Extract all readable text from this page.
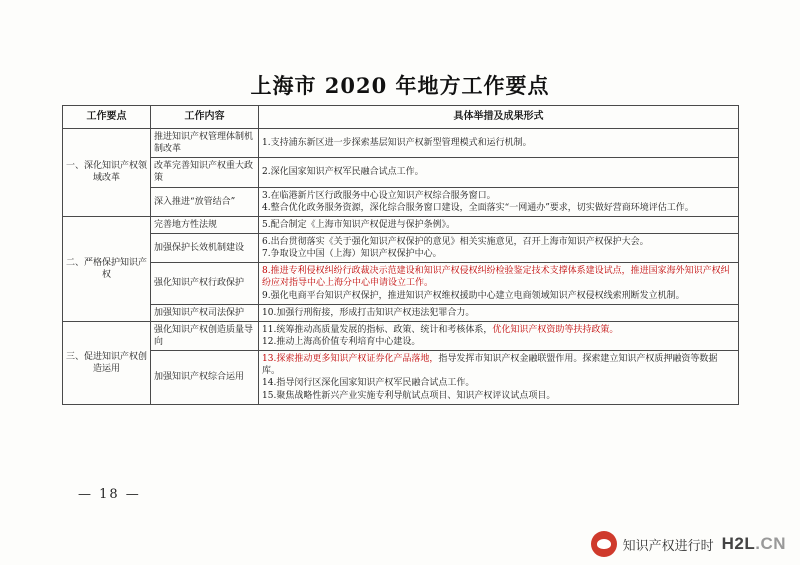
上海市 2020 年地方工作要点
工作要点	工作内容	具体举措及成果形式
一、深化知识产权领域改革	推进知识产权管理体制机制改革	1.支持浦东新区进一步探索基层知识产权新型管理模式和运行机制。

	改革完善知识产权重大政策	2.深化国家知识产权军民融合试点工作。

	深入推进“放管结合”	3.在临港新片区行政服务中心设立知识产权综合服务窗口。
4.整合优化政务服务资源，深化综合服务窗口建设，全面落实“一网通办”要求，切实做好营商环境评估工作。

二、严格保护知识产权	完善地方性法规	5.配合制定《上海市知识产权促进与保护条例》。

	加强保护长效机制建设	6.出台贯彻落实《关于强化知识产权保护的意见》相关实施意见，召开上海市知识产权保护大会。
7.争取设立中国（上海）知识产权保护中心。

	强化知识产权行政保护	8.推进专利侵权纠纷行政裁决示范建设和知识产权侵权纠纷检验鉴定技术支撑体系建设试点，推进国家海外知识产权纠纷应对指导中心上海分中心申请设立工作。
9.强化电商平台知识产权保护，推进知识产权维权援助中心建立电商领域知识产权侵权线索刑断发立机制。

	加强知识产权司法保护	10.加强行刑衔接，形成打击知识产权违法犯罪合力。

三、促进知识产权创造运用	强化知识产权创造质量导向	11.统筹推动高质量发展的指标、政策、统计和考核体系，优化知识产权资助等扶持政策。
12.推动上海高价值专利培育中心建设。

	加强知识产权综合运用	13.探索推动更多知识产权证券化产品落地，指导发挥市知识产权金融联盟作用。探索建立知识产权质押融资等数据库。
14.指导闵行区深化国家知识产权军民融合试点工作。
15.聚焦战略性新兴产业实施专利导航试点项目、知识产权评议试点项目。
— 18 —
知识产权进行时 H2L.CN
